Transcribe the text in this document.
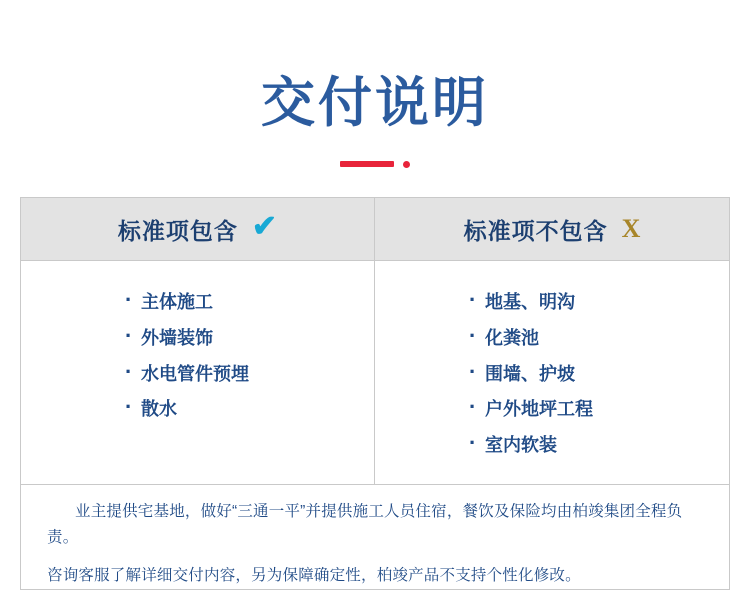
交付说明
标准项包含 ✔	标准项不包含 X
· 主体施工
· 外墙装饰
· 水电管件预埋
· 散水
· 地基、明沟
· 化粪池
· 围墙、护坡
· 户外地坪工程
· 室内软装
业主提供宅基地，做好“三通一平”并提供施工人员住宿，餐饮及保险均由柏竣集团全程负责。
咨询客服了解详细交付内容，另为保障确定性，柏竣产品不支持个性化修改。
